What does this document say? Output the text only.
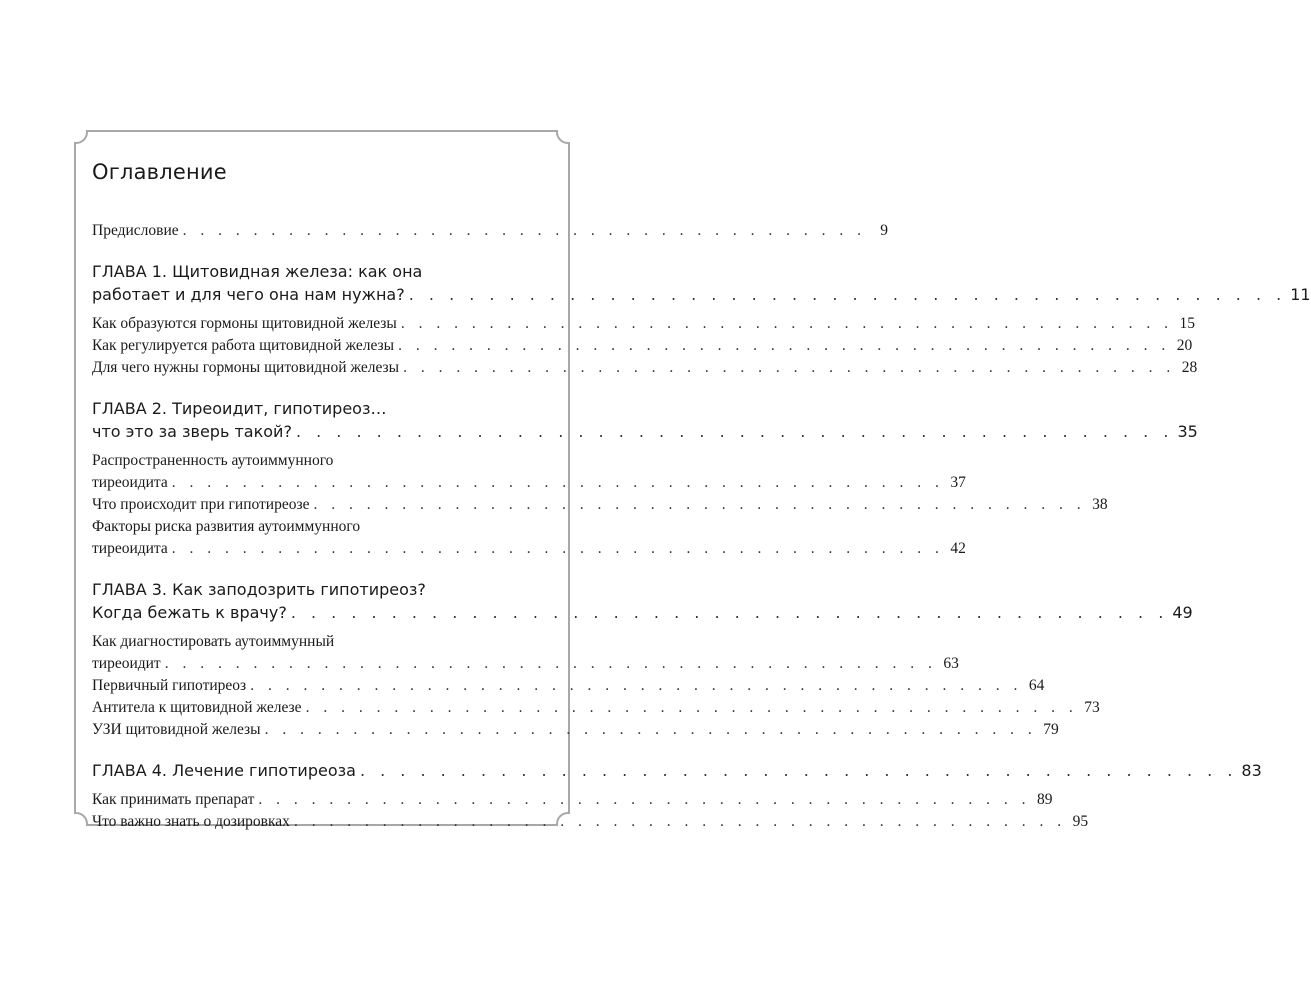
Оглавление
Предисловие . . . . . . . . . . . . . . . . . . . . . . . . . . . . . . . . . . . . . . . 9
ГЛАВА 1. Щитовидная железа: как она
работает и для чего она нам нужна? . . . . . . . . . . . . . . . . . . . . . . . . . . . . . . . . . . . . . . . . . . . . 11
Как образуются гормоны щитовидной железы . . . . . . . . . . . . . . . . . . . . . . . . . . . . . . . . . . . . . . . . . . . . 15
Как регулируется работа щитовидной железы . . . . . . . . . . . . . . . . . . . . . . . . . . . . . . . . . . . . . . . . . . . . 20
Для чего нужны гормоны щитовидной железы . . . . . . . . . . . . . . . . . . . . . . . . . . . . . . . . . . . . . . . . . . . . 28
ГЛАВА 2. Тиреоидит, гипотиреоз…
что это за зверь такой? . . . . . . . . . . . . . . . . . . . . . . . . . . . . . . . . . . . . . . . . . . . . 35
Распространенность аутоиммунного
тиреоидита . . . . . . . . . . . . . . . . . . . . . . . . . . . . . . . . . . . . . . . . . . . . 37
Что происходит при гипотиреозе . . . . . . . . . . . . . . . . . . . . . . . . . . . . . . . . . . . . . . . . . . . . 38
Факторы риска развития аутоиммунного
тиреоидита . . . . . . . . . . . . . . . . . . . . . . . . . . . . . . . . . . . . . . . . . . . . 42
ГЛАВА 3. Как заподозрить гипотиреоз?
Когда бежать к врачу? . . . . . . . . . . . . . . . . . . . . . . . . . . . . . . . . . . . . . . . . . . . . 49
Как диагностировать аутоиммунный
тиреоидит . . . . . . . . . . . . . . . . . . . . . . . . . . . . . . . . . . . . . . . . . . . . 63
Первичный гипотиреоз . . . . . . . . . . . . . . . . . . . . . . . . . . . . . . . . . . . . . . . . . . . . 64
Антитела к щитовидной железе . . . . . . . . . . . . . . . . . . . . . . . . . . . . . . . . . . . . . . . . . . . . 73
УЗИ щитовидной железы . . . . . . . . . . . . . . . . . . . . . . . . . . . . . . . . . . . . . . . . . . . . 79
ГЛАВА 4. Лечение гипотиреоза . . . . . . . . . . . . . . . . . . . . . . . . . . . . . . . . . . . . . . . . . . . . 83
Как принимать препарат . . . . . . . . . . . . . . . . . . . . . . . . . . . . . . . . . . . . . . . . . . . . 89
Что важно знать о дозировках . . . . . . . . . . . . . . . . . . . . . . . . . . . . . . . . . . . . . . . . . . . . 95
